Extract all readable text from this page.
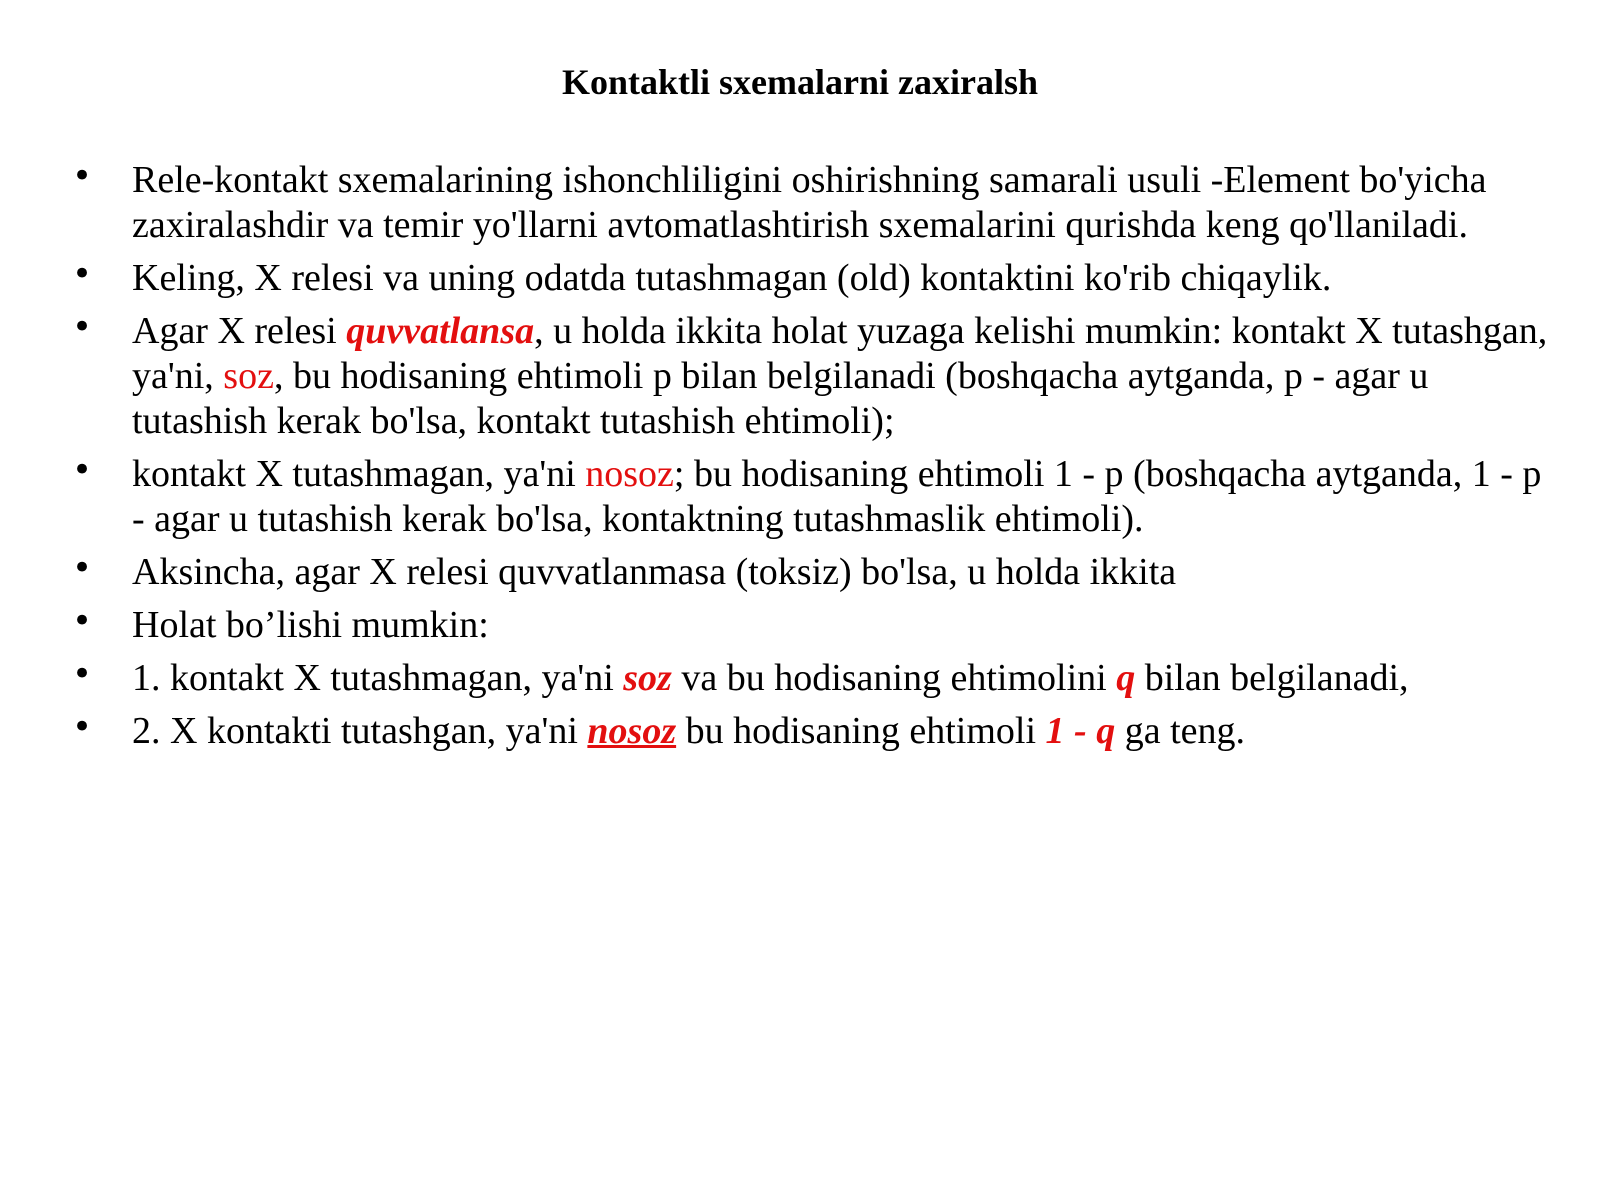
Kontaktli sxemalarni zaxiralsh
• Rele-kontakt sxemalarining ishonchliligini oshirishning samarali usuli -Element bo'yicha zaxiralashdir va temir yo'llarni avtomatlashtirish sxemalarini qurishda keng qo'llaniladi.
• Keling, X relesi va uning odatda tutashmagan (old) kontaktini ko'rib chiqaylik.
• Agar X relesi quvvatlansa, u holda ikkita holat yuzaga kelishi mumkin: kontakt X tutashgan, ya'ni, soz, bu hodisaning ehtimoli p bilan belgilanadi (boshqacha aytganda, p - agar u tutashish kerak bo'lsa, kontakt tutashish ehtimoli);
• kontakt X tutashmagan, ya'ni nosoz; bu hodisaning ehtimoli 1 - p (boshqacha aytganda, 1 - p - agar u tutashish kerak bo'lsa, kontaktning tutashmaslik ehtimoli).
• Aksincha, agar X relesi quvvatlanmasa (toksiz) bo'lsa, u holda ikkita
• Holat bo’lishi mumkin:
• 1. kontakt X tutashmagan, ya'ni soz va bu hodisaning ehtimolini q bilan belgilanadi,
• 2. X kontakti tutashgan, ya'ni nosoz bu hodisaning ehtimoli 1 - q ga teng.
